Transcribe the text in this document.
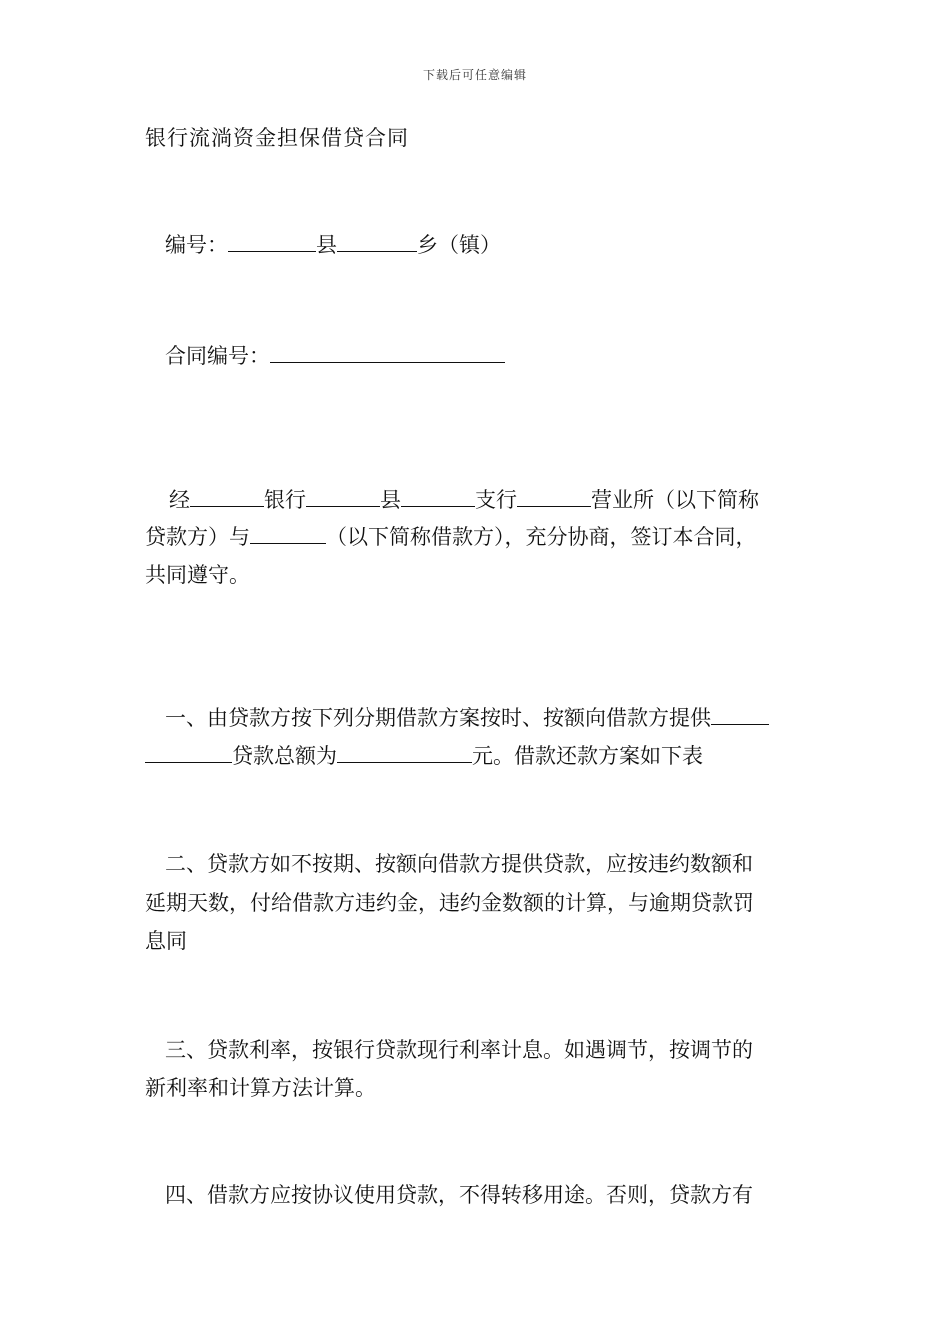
下载后可任意编辑
银行流淌资金担保借贷合同
编号：	县	乡（镇）
合同编号：
经	银行	县	支行	营业所（以下简称
贷款方）与	（以下简称借款方），充分协商，签订本合同，
共同遵守。
一、由贷款方按下列分期借款方案按时、按额向借款方提供
贷款总额为	元。借款还款方案如下表
二、贷款方如不按期、按额向借款方提供贷款，应按违约数额和
延期天数，付给借款方违约金，违约金数额的计算，与逾期贷款罚
息同
三、贷款利率，按银行贷款现行利率计息。如遇调节，按调节的
新利率和计算方法计算。
四、借款方应按协议使用贷款，不得转移用途。否则，贷款方有
